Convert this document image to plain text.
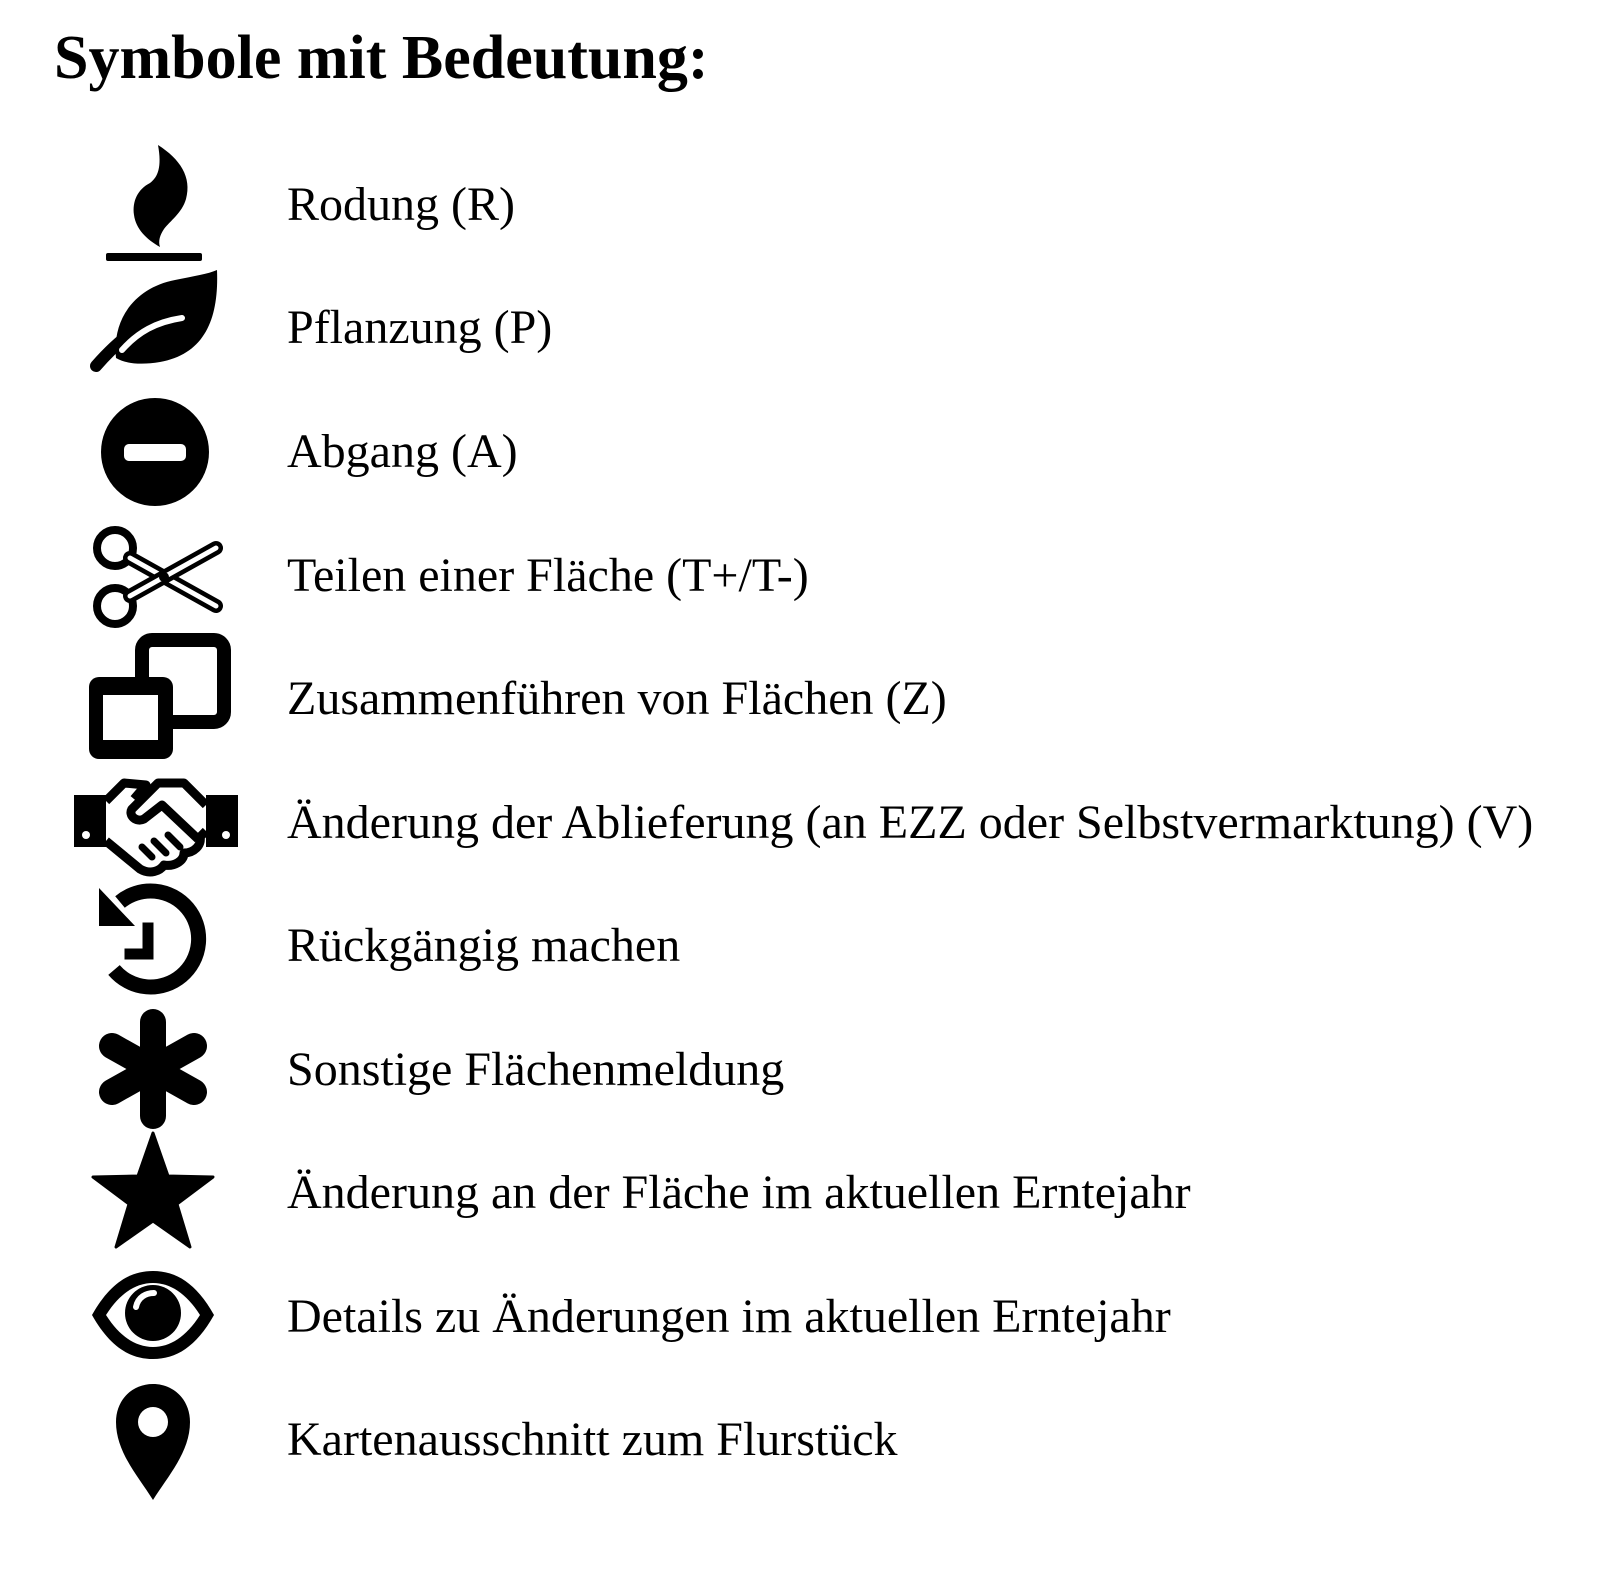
Symbole mit Bedeutung:
Rodung (R)
Pflanzung (P)
Abgang (A)
Teilen einer Fläche (T+/T-)
Zusammenführen von Flächen (Z)
Änderung der Ablieferung (an EZZ oder Selbstvermarktung) (V)
Rückgängig machen
Sonstige Flächenmeldung
Änderung an der Fläche im aktuellen Erntejahr
Details zu Änderungen im aktuellen Erntejahr
Kartenausschnitt zum Flurstück
